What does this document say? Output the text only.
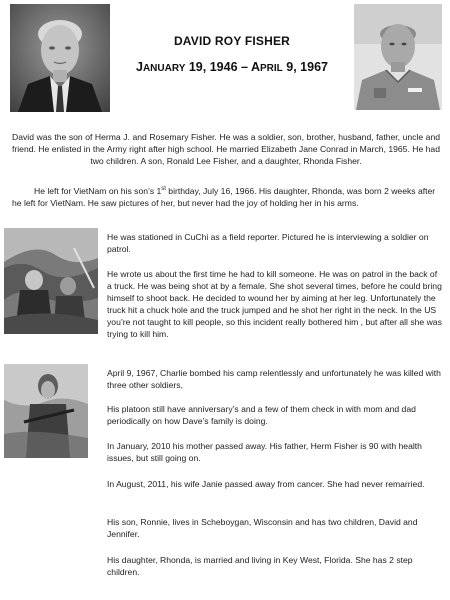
DAVID ROY FISHER
JANUARY 19, 1946 – APRIL 9, 1967

David was the son of Herma J. and Rosemary Fisher. He was a soldier, son, brother, husband, father, uncle and friend. He enlisted in the Army right after high school. He married Elizabeth Jane Conrad in March, 1965. He had two children. A son, Ronald Lee Fisher, and a daughter, Rhonda Fisher.

He left for VietNam on his son’s 1st birthday, July 16, 1966. His daughter, Rhonda, was born 2 weeks after he left for VietNam. He saw pictures of her, but never had the joy of holding her in his arms.

He was stationed in CuChi as a field reporter. Pictured he is interviewing a soldier on patrol.

He wrote us about the first time he had to kill someone. He was on patrol in the back of a truck. He was being shot at by a female. She shot several times, before he could bring himself to shoot back. He decided to wound her by aiming at her leg. Unfortunately the truck hit a chuck hole and the truck jumped and he shot her right in the neck. In the US you’re not taught to kill people, so this incident really bothered him , but after all she was trying to kill him.

April 9, 1967, Charlie bombed his camp relentlessly and unfortunately he was killed with three other soldiers,

His platoon still have anniversary’s and a few of them check in with mom and dad periodically on how Dave’s family is doing.

In January, 2010 his mother passed away. His father, Herm Fisher is 90 with health issues, but still going on.

In August, 2011, his wife Janie passed away from cancer. She had never remarried.

His son, Ronnie, lives in Scheboygan, Wisconsin and has two children, David and Jennifer.

His daughter, Rhonda, is married and living in Key West, Florida. She has 2 step children.
